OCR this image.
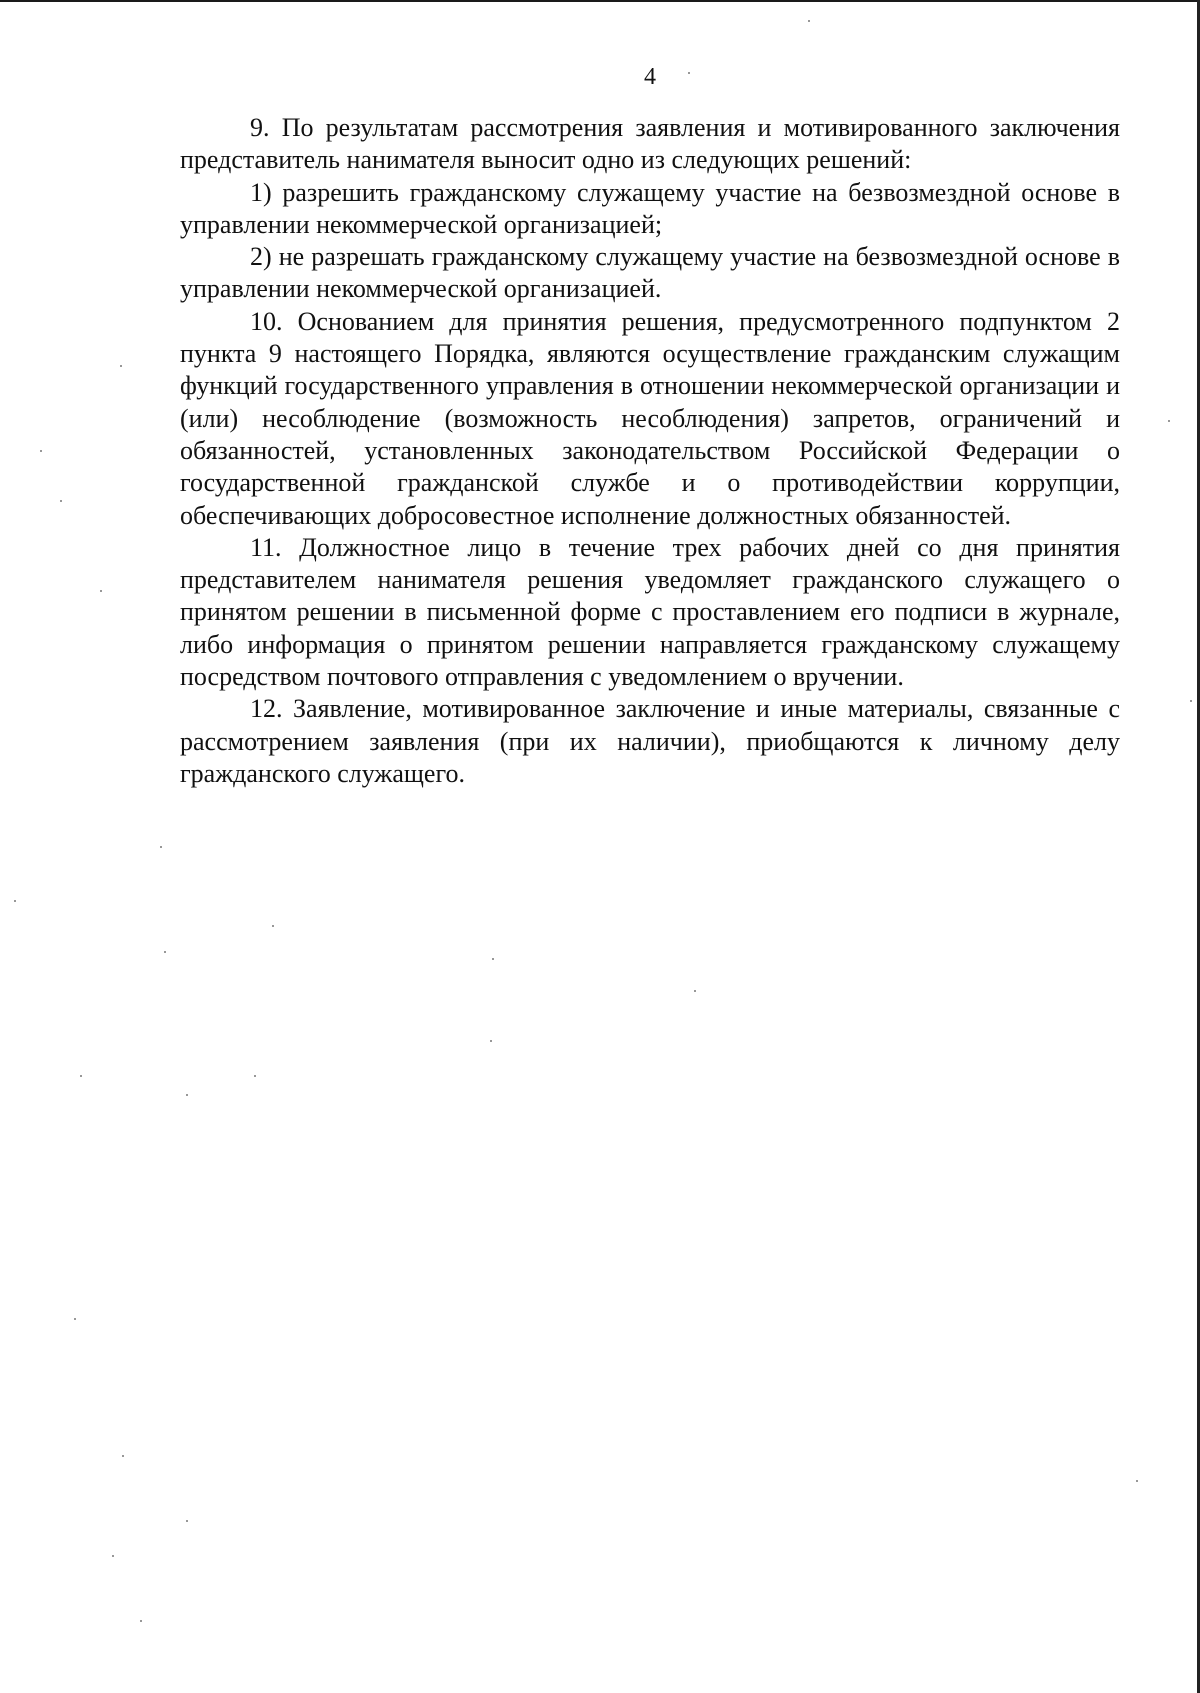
4

9. По результатам рассмотрения заявления и мотивированного заключения представитель нанимателя выносит одно из следующих решений:

1) разрешить гражданскому служащему участие на безвозмездной основе в управлении некоммерческой организацией;

2) не разрешать гражданскому служащему участие на безвозмездной основе в управлении некоммерческой организацией.

10. Основанием для принятия решения, предусмотренного подпунктом 2 пункта 9 настоящего Порядка, являются осуществление гражданским служащим функций государственного управления в отношении некоммерческой организации и (или) несоблюдение (возможность несоблюдения) запретов, ограничений и обязанностей, установленных законодательством Российской Федерации о государственной гражданской службе и о противодействии коррупции, обеспечивающих добросовестное исполнение должностных обязанностей.

11. Должностное лицо в течение трех рабочих дней со дня принятия представителем нанимателя решения уведомляет гражданского служащего о принятом решении в письменной форме с проставлением его подписи в журнале, либо информация о принятом решении направляется гражданскому служащему посредством почтового отправления с уведомлением о вручении.

12. Заявление, мотивированное заключение и иные материалы, связанные с рассмотрением заявления (при их наличии), приобщаются к личному делу гражданского служащего.
